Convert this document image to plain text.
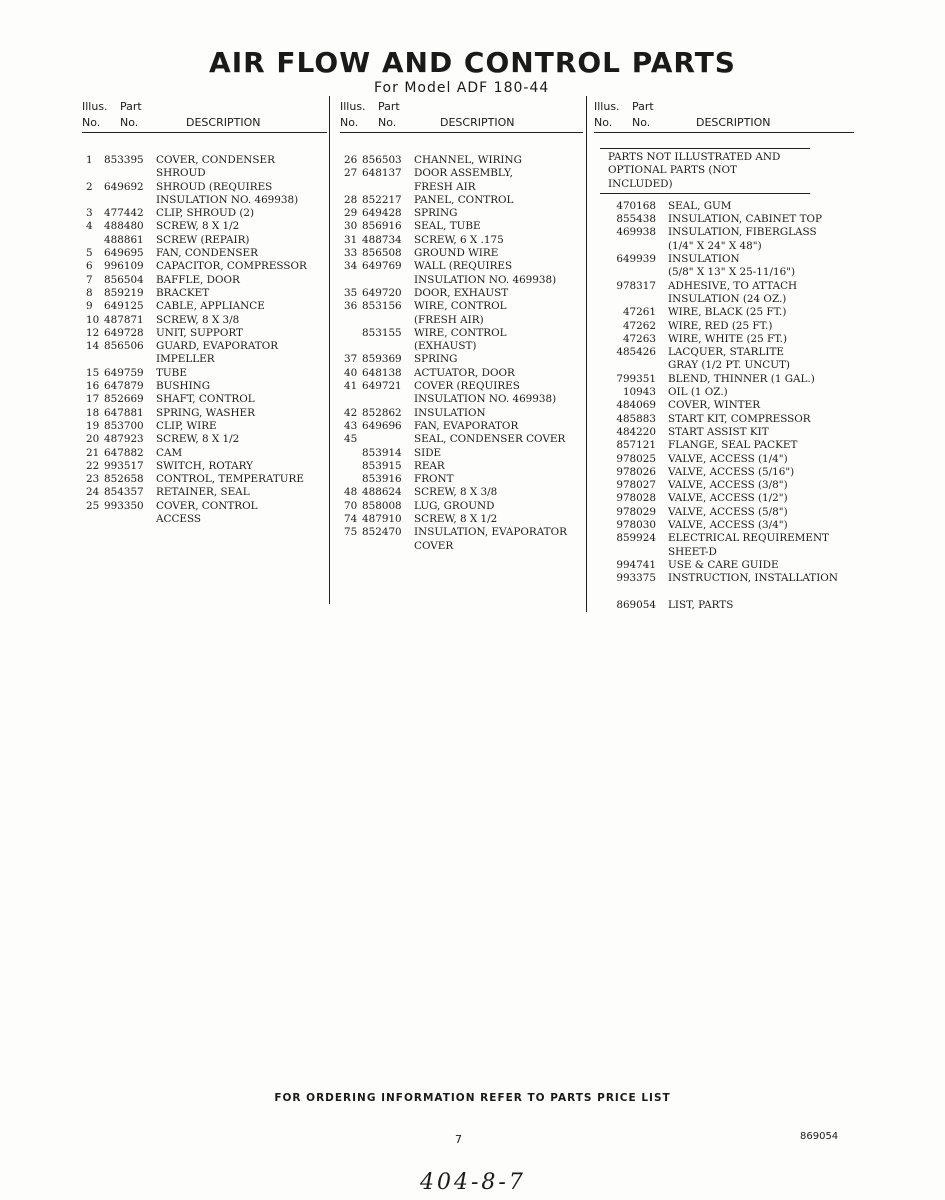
AIR FLOW AND CONTROL PARTS
For Model ADF 180-44
Illus. Part
No. No.	DESCRIPTION
1	853395	COVER, CONDENSER
SHROUD
2	649692	SHROUD (REQUIRES
INSULATION NO. 469938)
3	477442	CLIP, SHROUD (2)
4	488480	SCREW, 8 X 1/2
488861	SCREW (REPAIR)
5	649695	FAN, CONDENSER
6	996109	CAPACITOR, COMPRESSOR
7	856504	BAFFLE, DOOR
8	859219	BRACKET
9	649125	CABLE, APPLIANCE
10 487871	SCREW, 8 X 3/8
12 649728	UNIT, SUPPORT
14 856506	GUARD, EVAPORATOR
IMPELLER
15 649759	TUBE
16 647879	BUSHING
17 852669	SHAFT, CONTROL
18 647881	SPRING, WASHER
19 853700	CLIP, WIRE
20 487923	SCREW, 8 X 1/2
21 647882	CAM
22 993517	SWITCH, ROTARY
23 852658	CONTROL, TEMPERATURE
24 854357	RETAINER, SEAL
25 993350	COVER, CONTROL
ACCESS
Illus. Part
No. No.	DESCRIPTION
26 856503	CHANNEL, WIRING
27 648137	DOOR ASSEMBLY,
FRESH AIR
28 852217	PANEL, CONTROL
29 649428	SPRING
30 856916	SEAL, TUBE
31 488734	SCREW, 6 X .175
33 856508	GROUND WIRE
34 649769	WALL (REQUIRES
INSULATION NO. 469938)
35 649720	DOOR, EXHAUST
36 853156	WIRE, CONTROL
(FRESH AIR)
853155	WIRE, CONTROL
(EXHAUST)
37 859369	SPRING
40 648138	ACTUATOR, DOOR
41 649721	COVER (REQUIRES
INSULATION NO. 469938)
42 852862	INSULATION
43 649696	FAN, EVAPORATOR
45	SEAL, CONDENSER COVER
853914	SIDE
853915	REAR
853916	FRONT
48 488624	SCREW, 8 X 3/8
70 858008	LUG, GROUND
74 487910	SCREW, 8 X 1/2
75 852470	INSULATION, EVAPORATOR
COVER
Illus. Part
No. No.	DESCRIPTION
PARTS NOT ILLUSTRATED AND
OPTIONAL PARTS (NOT INCLUDED)
470168	SEAL, GUM
855438	INSULATION, CABINET TOP
469938	INSULATION, FIBERGLASS
(1/4" X 24" X 48")
649939	INSULATION
(5/8" X 13" X 25-11/16")
978317	ADHESIVE, TO ATTACH
INSULATION (24 OZ.)
47261	WIRE, BLACK (25 FT.)
47262	WIRE, RED (25 FT.)
47263	WIRE, WHITE (25 FT.)
485426	LACQUER, STARLITE
GRAY (1/2 PT. UNCUT)
799351	BLEND, THINNER (1 GAL.)
10943	OIL (1 OZ.)
484069	COVER, WINTER
485883	START KIT, COMPRESSOR
484220	START ASSIST KIT
857121	FLANGE, SEAL PACKET
978025	VALVE, ACCESS (1/4")
978026	VALVE, ACCESS (5/16")
978027	VALVE, ACCESS (3/8")
978028	VALVE, ACCESS (1/2")
978029	VALVE, ACCESS (5/8")
978030	VALVE, ACCESS (3/4")
859924	ELECTRICAL REQUIREMENT
SHEET-D
994741	USE & CARE GUIDE
993375	INSTRUCTION, INSTALLATION

869054	LIST, PARTS
FOR ORDERING INFORMATION REFER TO PARTS PRICE LIST
7	869054
404-8-7
